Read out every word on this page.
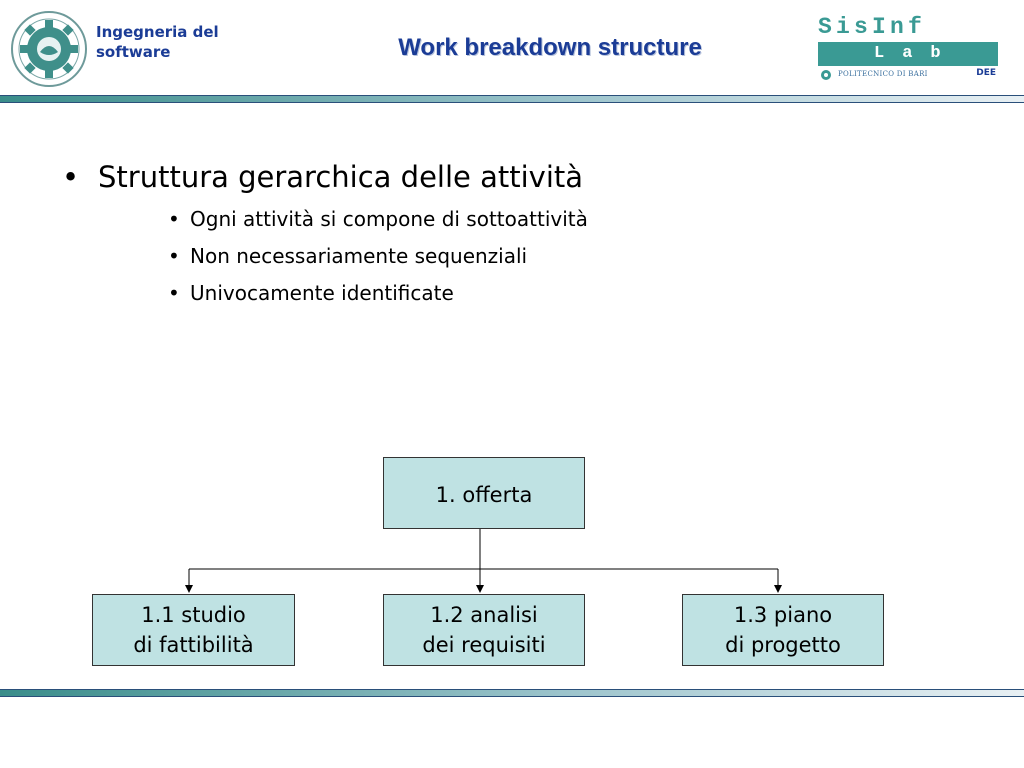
Ingegneria del
software	Work breakdown structure
SisInf
Lab
POLITECNICO DI BARI	DEE
• Struttura gerarchica delle attività
• Ogni attività si compone di sottoattività
• Non necessariamente sequenziali
• Univocamente identificate
1. offerta
1.1 studio
di fattibilità
1.2 analisi
dei requisiti
1.3 piano
di progetto
